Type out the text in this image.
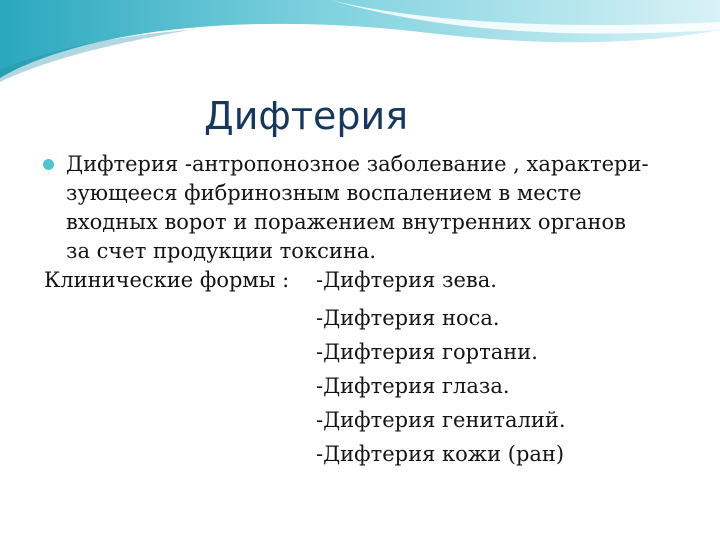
Дифтерия
Дифтерия -антропонозное заболевание , характери-
зующееся фибринозным воспалением в месте
входных ворот и поражением внутренних органов
за счет продукции токсина.
Клинические формы : -Дифтерия зева.
-Дифтерия носа.
-Дифтерия гортани.
-Дифтерия глаза.
-Дифтерия гениталий.
-Дифтерия кожи (ран)
